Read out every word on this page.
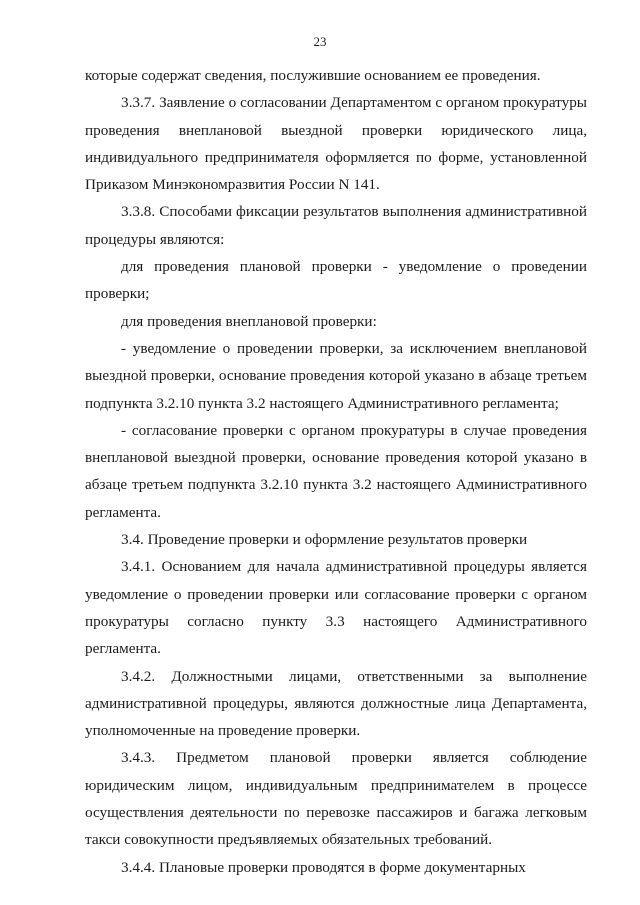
23

которые содержат сведения, послужившие основанием ее проведения.

3.3.7. Заявление о согласовании Департаментом с органом прокуратуры проведения внеплановой выездной проверки юридического лица, индивидуального предпринимателя оформляется по форме, установленной Приказом Минэкономразвития России N 141.

3.3.8. Способами фиксации результатов выполнения административной процедуры являются:

для проведения плановой проверки - уведомление о проведении проверки;

для проведения внеплановой проверки:

- уведомление о проведении проверки, за исключением внеплановой выездной проверки, основание проведения которой указано в абзаце третьем подпункта 3.2.10 пункта 3.2 настоящего Административного регламента;

- согласование проверки с органом прокуратуры в случае проведения внеплановой выездной проверки, основание проведения которой указано в абзаце третьем подпункта 3.2.10 пункта 3.2 настоящего Административного регламента.

3.4. Проведение проверки и оформление результатов проверки

3.4.1. Основанием для начала административной процедуры является уведомление о проведении проверки или согласование проверки с органом прокуратуры согласно пункту 3.3 настоящего Административного регламента.

3.4.2. Должностными лицами, ответственными за выполнение административной процедуры, являются должностные лица Департамента, уполномоченные на проведение проверки.

3.4.3. Предметом плановой проверки является соблюдение юридическим лицом, индивидуальным предпринимателем в процессе осуществления деятельности по перевозке пассажиров и багажа легковым такси совокупности предъявляемых обязательных требований.

3.4.4. Плановые проверки проводятся в форме документарных
